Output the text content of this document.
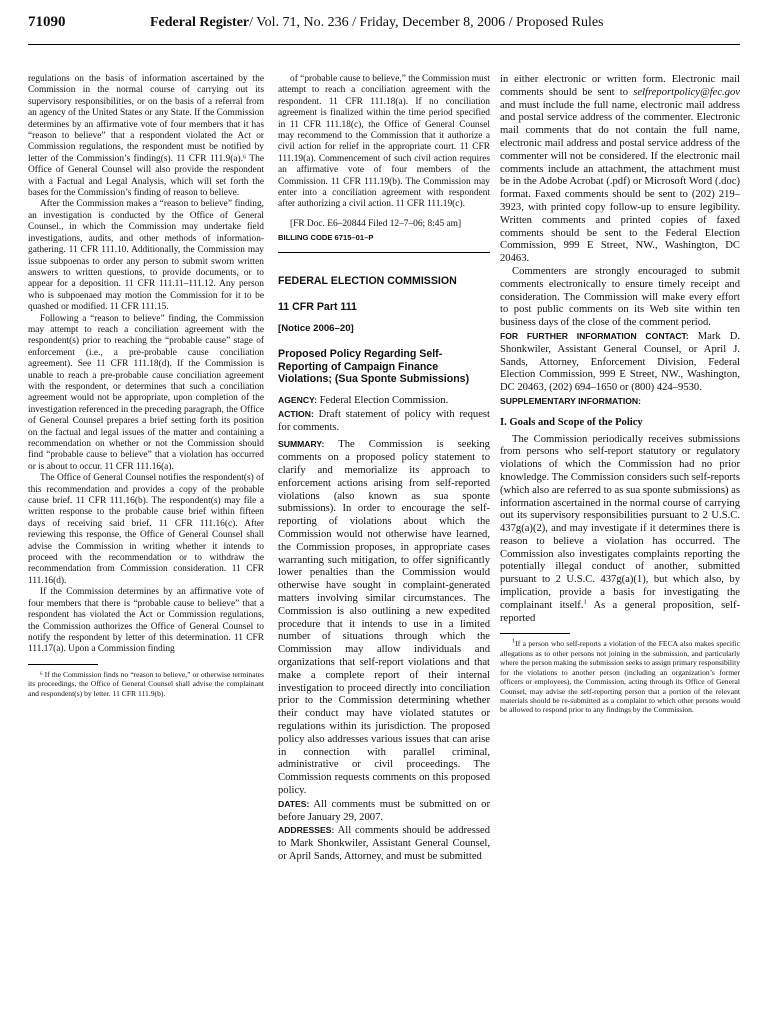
71090	Federal Register/ Vol. 71, No. 236 / Friday, December 8, 2006 / Proposed Rules

regulations on the basis of information ascertained by the Commission in the normal course of carrying out its supervisory responsibilities, or on the basis of a referral from an agency of the United States or any State. If the Commission determines by an affirmative vote of four members that it has “reason to believe” that a respondent violated the Act or Commission regulations, the respondent must be notified by letter of the Commission’s finding(s). 11 CFR 111.9(a).⁶ The Office of General Counsel will also provide the respondent with a Factual and Legal Analysis, which will set forth the bases for the Commission’s finding of reason to believe.

After the Commission makes a “reason to believe” finding, an investigation is conducted by the Office of General Counsel., in which the Commission may undertake field investigations, audits, and other methods of information-gathering. 11 CFR 111.10. Additionally, the Commission may issue subpoenas to order any person to submit sworn written answers to written questions, to provide documents, or to appear for a deposition. 11 CFR 111.11–111.12. Any person who is subpoenaed may motion the Commission for it to be quashed or modified. 11 CFR 111.15.

Following a “reason to believe” finding, the Commission may attempt to reach a conciliation agreement with the respondent(s) prior to reaching the “probable cause” stage of enforcement (i.e., a pre-probable cause conciliation agreement). See 11 CFR 111.18(d). If the Commission is unable to reach a pre-probable cause conciliation agreement with the respondent, or determines that such a conciliation agreement would not be appropriate, upon completion of the investigation referenced in the preceding paragraph, the Office of General Counsel prepares a brief setting forth its position on the factual and legal issues of the matter and containing a recommendation on whether or not the Commission should find “probable cause to believe” that a violation has occurred or is about to occur. 11 CFR 111.16(a).

The Office of General Counsel notifies the respondent(s) of this recommendation and provides a copy of the probable cause brief. 11 CFR 111.16(b). The respondent(s) may file a written response to the probable cause brief within fifteen days of receiving said brief. 11 CFR 111.16(c). After reviewing this response, the Office of General Counsel shall advise the Commission in writing whether it intends to proceed with the recommendation or to withdraw the recommendation from Commission consideration. 11 CFR 111.16(d).

If the Commission determines by an affirmative vote of four members that there is “probable cause to believe” that a respondent has violated the Act or Commission regulations, the Commission authorizes the Office of General Counsel to notify the respondent by letter of this determination. 11 CFR 111.17(a). Upon a Commission finding

⁶ If the Commission finds no “reason to believe,” or otherwise terminates its proceedings, the Office of General Counsel shall advise the complainant and respondent(s) by letter. 11 CFR 111.9(b).

of “probable cause to believe,” the Commission must attempt to reach a conciliation agreement with the respondent. 11 CFR 111.18(a). If no conciliation agreement is finalized within the time period specified in 11 CFR 111.18(c), the Office of General Counsel may recommend to the Commission that it authorize a civil action for relief in the appropriate court. 11 CFR 111.19(a). Commencement of such civil action requires an affirmative vote of four members of the Commission. 11 CFR 111.19(b). The Commission may enter into a conciliation agreement with respondent after authorizing a civil action. 11 CFR 111.19(c).

[FR Doc. E6–20844 Filed 12–7–06; 8:45 am]

BILLING CODE 6715–01–P
FEDERAL ELECTION COMMISSION
11 CFR Part 111
[Notice 2006–20]
Proposed Policy Regarding Self-Reporting of Campaign Finance Violations; (Sua Sponte Submissions)

AGENCY: Federal Election Commission.

ACTION: Draft statement of policy with request for comments.

SUMMARY: The Commission is seeking comments on a proposed policy statement to clarify and memorialize its approach to enforcement actions arising from self-reported violations (also known as sua sponte submissions). In order to encourage the self-reporting of violations about which the Commission would not otherwise have learned, the Commission proposes, in appropriate cases warranting such mitigation, to offer significantly lower penalties than the Commission would otherwise have sought in complaint-generated matters involving similar circumstances. The Commission is also outlining a new expedited procedure that it intends to use in a limited number of situations through which the Commission may allow individuals and organizations that self-report violations and that make a complete report of their internal investigation to proceed directly into conciliation prior to the Commission determining whether their conduct may have violated statutes or regulations within its jurisdiction. The proposed policy also addresses various issues that can arise in connection with parallel criminal, administrative or civil proceedings. The Commission requests comments on this proposed policy.

DATES: All comments must be submitted on or before January 29, 2007.

ADDRESSES: All comments should be addressed to Mark Shonkwiler, Assistant General Counsel, or April Sands, Attorney, and must be submitted

in either electronic or written form. Electronic mail comments should be sent to selfreportpolicy@fec.gov and must include the full name, electronic mail address and postal service address of the commenter. Electronic mail comments that do not contain the full name, electronic mail address and postal service address of the commenter will not be considered. If the electronic mail comments include an attachment, the attachment must be in the Adobe Acrobat (.pdf) or Microsoft Word (.doc) format. Faxed comments should be sent to (202) 219–3923, with printed copy follow-up to ensure legibility. Written comments and printed copies of faxed comments should be sent to the Federal Election Commission, 999 E Street, NW., Washington, DC 20463.

Commenters are strongly encouraged to submit comments electronically to ensure timely receipt and consideration. The Commission will make every effort to post public comments on its Web site within ten business days of the close of the comment period.

FOR FURTHER INFORMATION CONTACT: Mark D. Shonkwiler, Assistant General Counsel, or April J. Sands, Attorney, Enforcement Division, Federal Election Commission, 999 E Street, NW., Washington, DC 20463, (202) 694–1650 or (800) 424–9530.

SUPPLEMENTARY INFORMATION:

I. Goals and Scope of the Policy

The Commission periodically receives submissions from persons who self-report statutory or regulatory violations of which the Commission had no prior knowledge. The Commission considers such self-reports (which also are referred to as sua sponte submissions) as information ascertained in the normal course of carrying out its supervisory responsibilities pursuant to 2 U.S.C. 437g(a)(2), and may investigate if it determines there is reason to believe a violation has occurred. The Commission also investigates complaints reporting the potentially illegal conduct of another, submitted pursuant to 2 U.S.C. 437g(a)(1), but which also, by implication, provide a basis for investigating the complainant itself.$^1$ As a general proposition, self-reported

1If a person who self-reports a violation of the FECA also makes specific allegations as to other persons not joining in the submission, and particularly where the person making the submission seeks to assign primary responsibility for the violations to another person (including an organization’s former officers or employees), the Commission, acting through its Office of General Counsel, may advise the self-reporting person that a portion of the relevant materials should be re-submitted as a complaint to which other persons would be allowed to respond prior to any findings by the Commission.
